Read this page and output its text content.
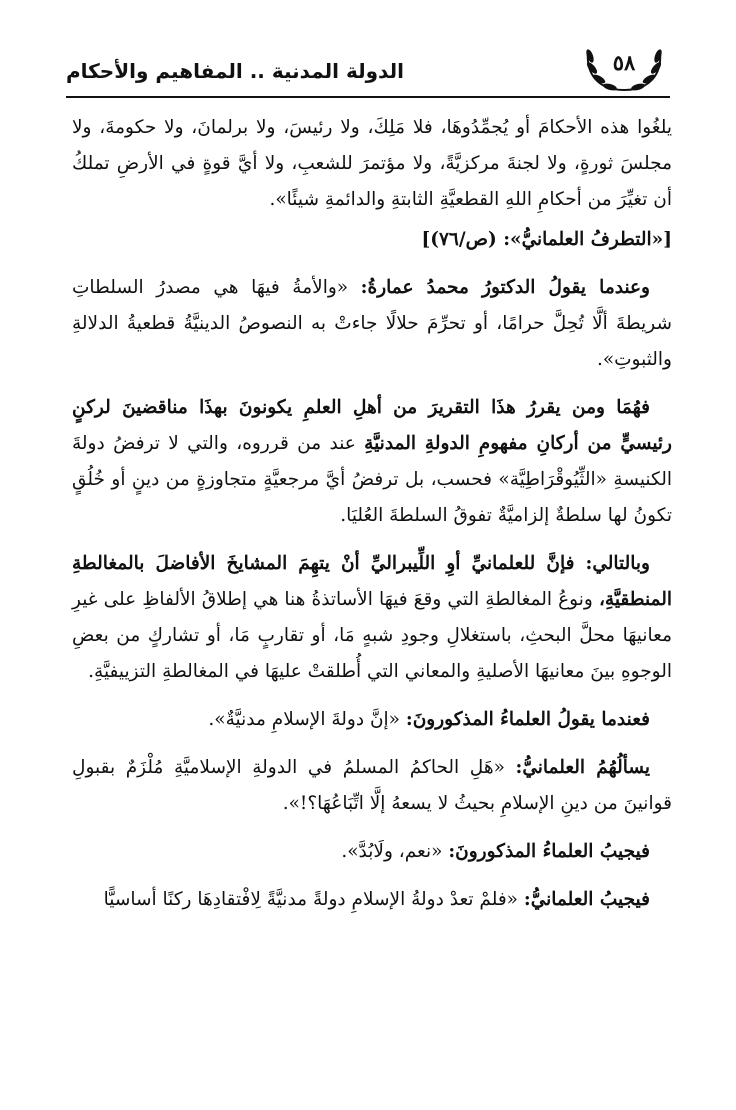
٥٨
الدولة المدنية .. المفاهيم والأحكام

يلغُوا هذه الأحكامَ أو يُجمِّدُوهَا، فلا مَلِكَ، ولا رئيسَ، ولا برلمانَ، ولا حكومةَ، ولا مجلسَ ثورةٍ، ولا لجنةَ مركزيَّةً، ولا مؤتمرَ للشعبِ، ولا أيَّ قوةٍ في الأرضِ تملكُ أن تغيِّرَ من أحكامِ اللهِ القطعيَّةِ الثابتةِ والدائمةِ شيئًا».

[«التطرفُ العلمانيُّ»: (ص/٧٦)]

وعندما يقولُ الدكتورُ محمدُ عمارةُ: «والأمةُ فيهَا هي مصدرُ السلطاتِ شريطةَ ألَّا تُحِلَّ حرامًا، أو تحرِّمَ حلالًا جاءتْ به النصوصُ الدينيَّةُ قطعيةُ الدلالةِ والثبوتِ».

فهُمَا ومن يقررُ هذَا التقريرَ من أهلِ العلمِ يكونونَ بهذَا مناقضينَ لركنٍ رئيسيٍّ من أركانِ مفهومِ الدولةِ المدنيَّةِ عند من قرروه، والتي لا ترفضُ دولةَ الكنيسةِ «الثِّيُوقْرَاطِيَّة» فحسب، بل ترفضُ أيَّ مرجعيَّةٍ متجاوزةٍ من دينٍ أو خُلُقٍ تكونُ لها سلطةٌ إلزاميَّةٌ تفوقُ السلطةَ العُليَا.

وبالتالي: فإنَّ للعلمانيِّ أوِ اللِّيبراليِّ أنْ يتهِمَ المشايخَ الأفاضلَ بالمغالطةِ المنطقيَّةِ، ونوعُ المغالطةِ التي وقعَ فيهَا الأساتذةُ هنا هي إطلاقُ الألفاظِ على غيرِ معانيهَا محلَّ البحثِ، باستغلالِ وجودِ شبهٍ مَا، أو تقاربٍ مَا، أو تشاركٍ من بعضِ الوجوهِ بينَ معانيهَا الأصليةِ والمعاني التي أُطلقتْ عليهَا في المغالطةِ التزييفيَّةِ.

فعندما يقولُ العلماءُ المذكورونَ: «إنَّ دولةَ الإسلامِ مدنيَّةٌ».

يسألُهُمُ العلمانيُّ: «هَلِ الحاكمُ المسلمُ في الدولةِ الإسلاميَّةِ مُلْزَمٌ بقبولِ قوانينَ من دينِ الإسلامِ بحيثُ لا يسعهُ إلَّا اتِّبَاعُهَا؟!».

فيجيبُ العلماءُ المذكورونَ: «نعم، ولَابُدَّ».

فيجيبُ العلمانيُّ: «فلمْ تعدْ دولةُ الإسلامِ دولةً مدنيَّةً لِافْتقادِهَا ركنًا أساسيًّا
